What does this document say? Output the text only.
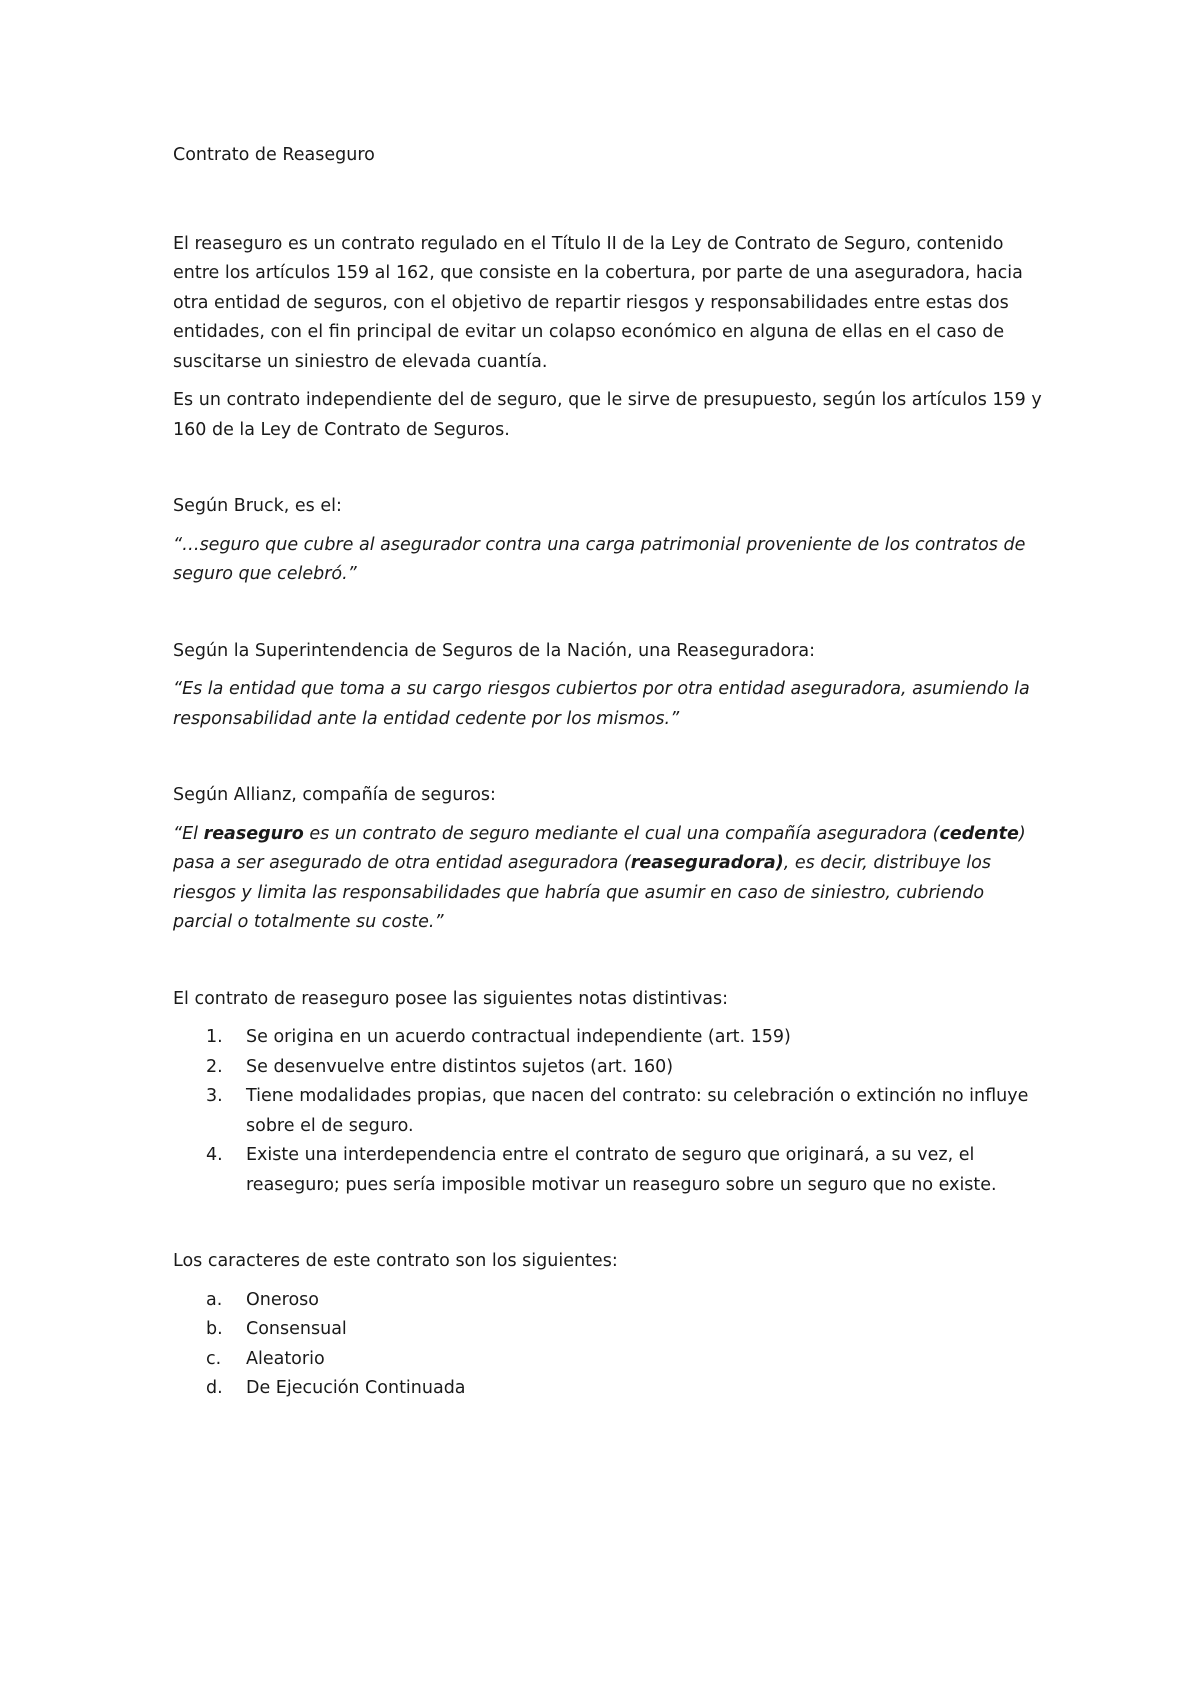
Contrato de Reaseguro

El reaseguro es un contrato regulado en el Título II de la Ley de Contrato de Seguro, contenido entre los artículos 159 al 162, que consiste en la cobertura, por parte de una aseguradora, hacia otra entidad de seguros, con el objetivo de repartir riesgos y responsabilidades entre estas dos entidades, con el fin principal de evitar un colapso económico en alguna de ellas en el caso de suscitarse un siniestro de elevada cuantía.

Es un contrato independiente del de seguro, que le sirve de presupuesto, según los artículos 159 y 160 de la Ley de Contrato de Seguros.

Según Bruck, es el:

“…seguro que cubre al asegurador contra una carga patrimonial proveniente de los contratos de seguro que celebró.”

Según la Superintendencia de Seguros de la Nación, una Reaseguradora:

“Es la entidad que toma a su cargo riesgos cubiertos por otra entidad aseguradora, asumiendo la responsabilidad ante la entidad cedente por los mismos.”

Según Allianz, compañía de seguros:

“El reaseguro es un contrato de seguro mediante el cual una compañía aseguradora (cedente) pasa a ser asegurado de otra entidad aseguradora (reaseguradora), es decir, distribuye los riesgos y limita las responsabilidades que habría que asumir en caso de siniestro, cubriendo parcial o totalmente su coste.”

El contrato de reaseguro posee las siguientes notas distintivas:

1.	Se origina en un acuerdo contractual independiente (art. 159)
2.	Se desenvuelve entre distintos sujetos (art. 160)
3.	Tiene modalidades propias, que nacen del contrato: su celebración o extinción no influye sobre el de seguro.
4.	Existe una interdependencia entre el contrato de seguro que originará, a su vez, el reaseguro; pues sería imposible motivar un reaseguro sobre un seguro que no existe.

Los caracteres de este contrato son los siguientes:

a.	Oneroso
b.	Consensual
c.	Aleatorio
d.	De Ejecución Continuada
